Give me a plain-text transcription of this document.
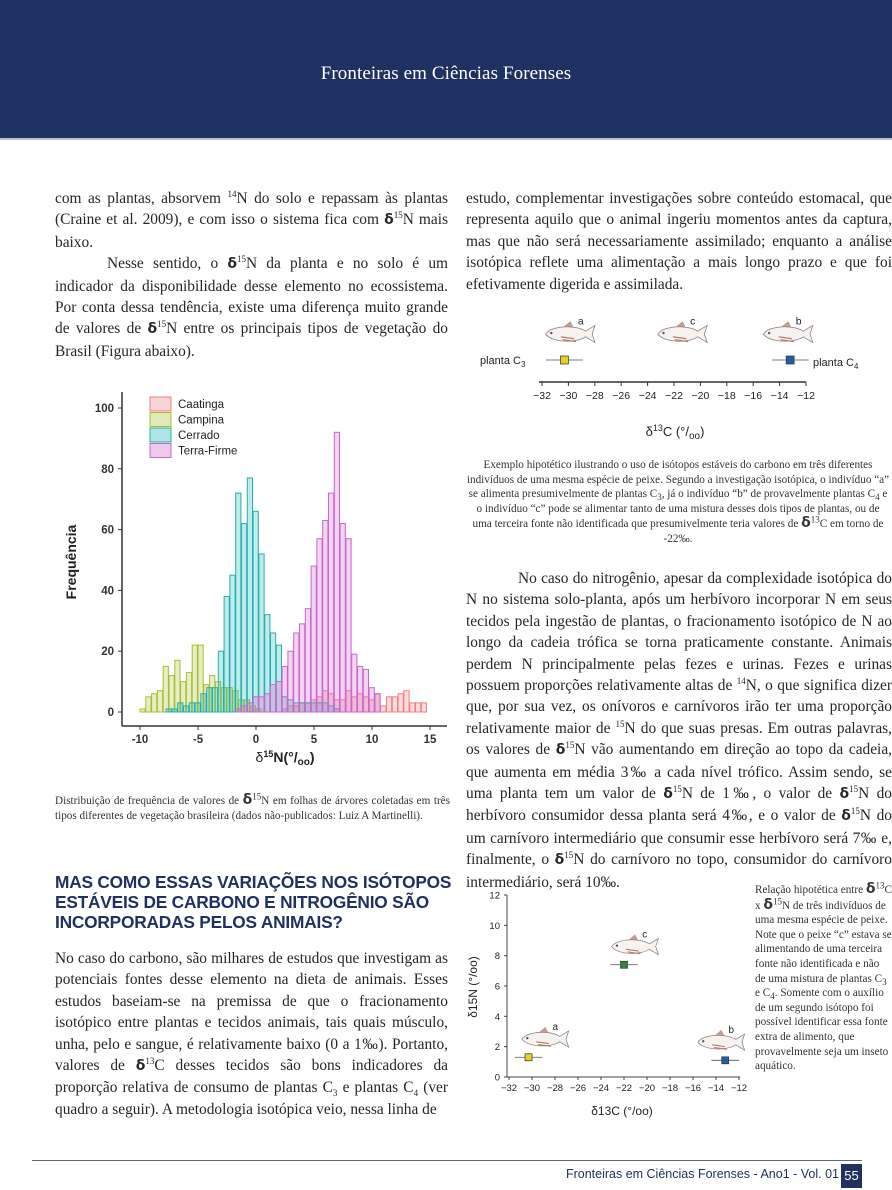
Fronteiras em Ciências Forenses

com as plantas, absorvem $^{14}$N do solo e repassam às plantas (Craine et al. 2009), e com isso o sistema fica com $\delta^{15}N$ mais baixo.

Nesse sentido, o $\delta^{15}N$ da planta e no solo é um indicador da disponibilidade desse elemento no ecossistema. Por conta dessa tendência, existe uma diferença muito grande de valores de $\delta^{15}N$ entre os principais tipos de vegetação do Brasil (Figura abaixo).

0
20
40
60
80
100
-10	-5	0	5	10	15
Frequência
$\delta^{15}N(^\circ/_{oo})$
Caatinga
Campina
Cerrado
Terra-Firme

Distribuição de frequência de valores de $\delta^{15}N$ em folhas de árvores coletadas em três tipos diferentes de vegetação brasileira (dados não-publicados: Luiz A Martinelli).

MAS COMO ESSAS VARIAÇÕES NOS ISÓTOPOS ESTÁVEIS DE CARBONO E NITROGÊNIO SÃO INCORPORADAS PELOS ANIMAIS?

No caso do carbono, são milhares de estudos que investigam as potenciais fontes desse elemento na dieta de animais. Esses estudos baseiam-se na premissa de que o fracionamento isotópico entre plantas e tecidos animais, tais quais músculo, unha, pelo e sangue, é relativamente baixo (0 a 1‰). Portanto, valores de $\delta^{13}C$ desses tecidos são bons indicadores da proporção relativa de consumo de plantas $C_3$ e plantas $C_4$ (ver quadro a seguir). A metodologia isotópica veio, nessa linha de

estudo, complementar investigações sobre conteúdo estomacal, que representa aquilo que o animal ingeriu momentos antes da captura, mas que não será necessariamente assimilado; enquanto a análise isotópica reflete uma alimentação a mais longo prazo e que foi efetivamente digerida e assimilada.

a	c	b
−32 −30 −28 −26 −24 −22 −20 −18 −16 −14 −12
planta $C_3$	planta $C_4$
$\delta^{13}C$ $(^\circ/_{oo})$

Exemplo hipotético ilustrando o uso de isótopos estáveis do carbono em três diferentes indivíduos de uma mesma espécie de peixe. Segundo a investigação isotópica, o indivíduo “a” se alimenta presumivelmente de plantas $C_3$, já o indivíduo “b” de provavelmente plantas $C_4$ e o indivíduo “c” pode se alimentar tanto de uma mistura desses dois tipos de plantas, ou de uma terceira fonte não identificada que presumivelmente teria valores de $\delta^{13}C$ em torno de -22‰.

No caso do nitrogênio, apesar da complexidade isotópica do N no sistema solo-planta, após um herbívoro incorporar N em seus tecidos pela ingestão de plantas, o fracionamento isotópico de N ao longo da cadeia trófica se torna praticamente constante. Animais perdem N principalmente pelas fezes e urinas. Fezes e urinas possuem proporções relativamente altas de $^{14}$N, o que significa dizer que, por sua vez, os onívoros e carnívoros irão ter uma proporção relativamente maior de $^{15}$N do que suas presas. Em outras palavras, os valores de $\delta^{15}N$ vão aumentando em direção ao topo da cadeia, que aumenta em média 3‰ a cada nível trófico. Assim sendo, se uma planta tem um valor de $\delta^{15}N$ de 1‰, o valor de $\delta^{15}N$ do herbívoro consumidor dessa planta será 4‰, e o valor de $\delta^{15}N$ do um carnívoro intermediário que consumir esse herbívoro será 7‰ e, finalmente, o $\delta^{15}N$ do carnívoro no topo, consumidor do carnívoro intermediário, será 10‰.

a
c
b
0
2
4
6
8
10
12
−32 −30 −28 −26 −24 −22 −20 −18 −16 −14 −12
δ15N (°/oo)
δ13C (°/oo)

Relação hipotética entre $\delta^{13}C$ x $\delta^{15}N$ de três indivíduos de uma mesma espécie de peixe. Note que o peixe “c” estava se alimentando de uma terceira fonte não identificada e não de uma mistura de plantas $C_3$ e $C_4$. Somente com o auxílio de um segundo isótopo foi possível identificar essa fonte extra de alimento, que provavelmente seja um inseto aquático.

Fronteiras em Ciências Forenses - Ano1 - Vol. 01 55
